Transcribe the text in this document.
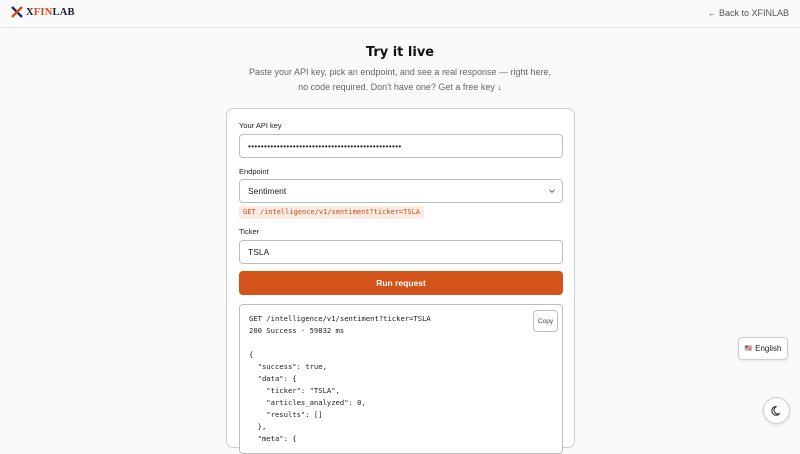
XFINLAB	← Back to XFINLAB
Try it live
Paste your API key, pick an endpoint, and see a real response — right here,
no code required. Don't have one? Get a free key ↓
Your API key
••••••••••••••••••••••••••••••••••••••••••••••••
Endpoint
Sentiment
GET /intelligence/v1/sentiment?ticker=TSLA
Ticker
TSLA
Run request
GET /intelligence/v1/sentiment?ticker=TSLA
200 Success · 59832 ms
Copy
{
"success": true,
"data": {
"ticker": "TSLA",
"articles_analyzed": 0,
"results": []
},
"meta": {
🇺🇸 English
